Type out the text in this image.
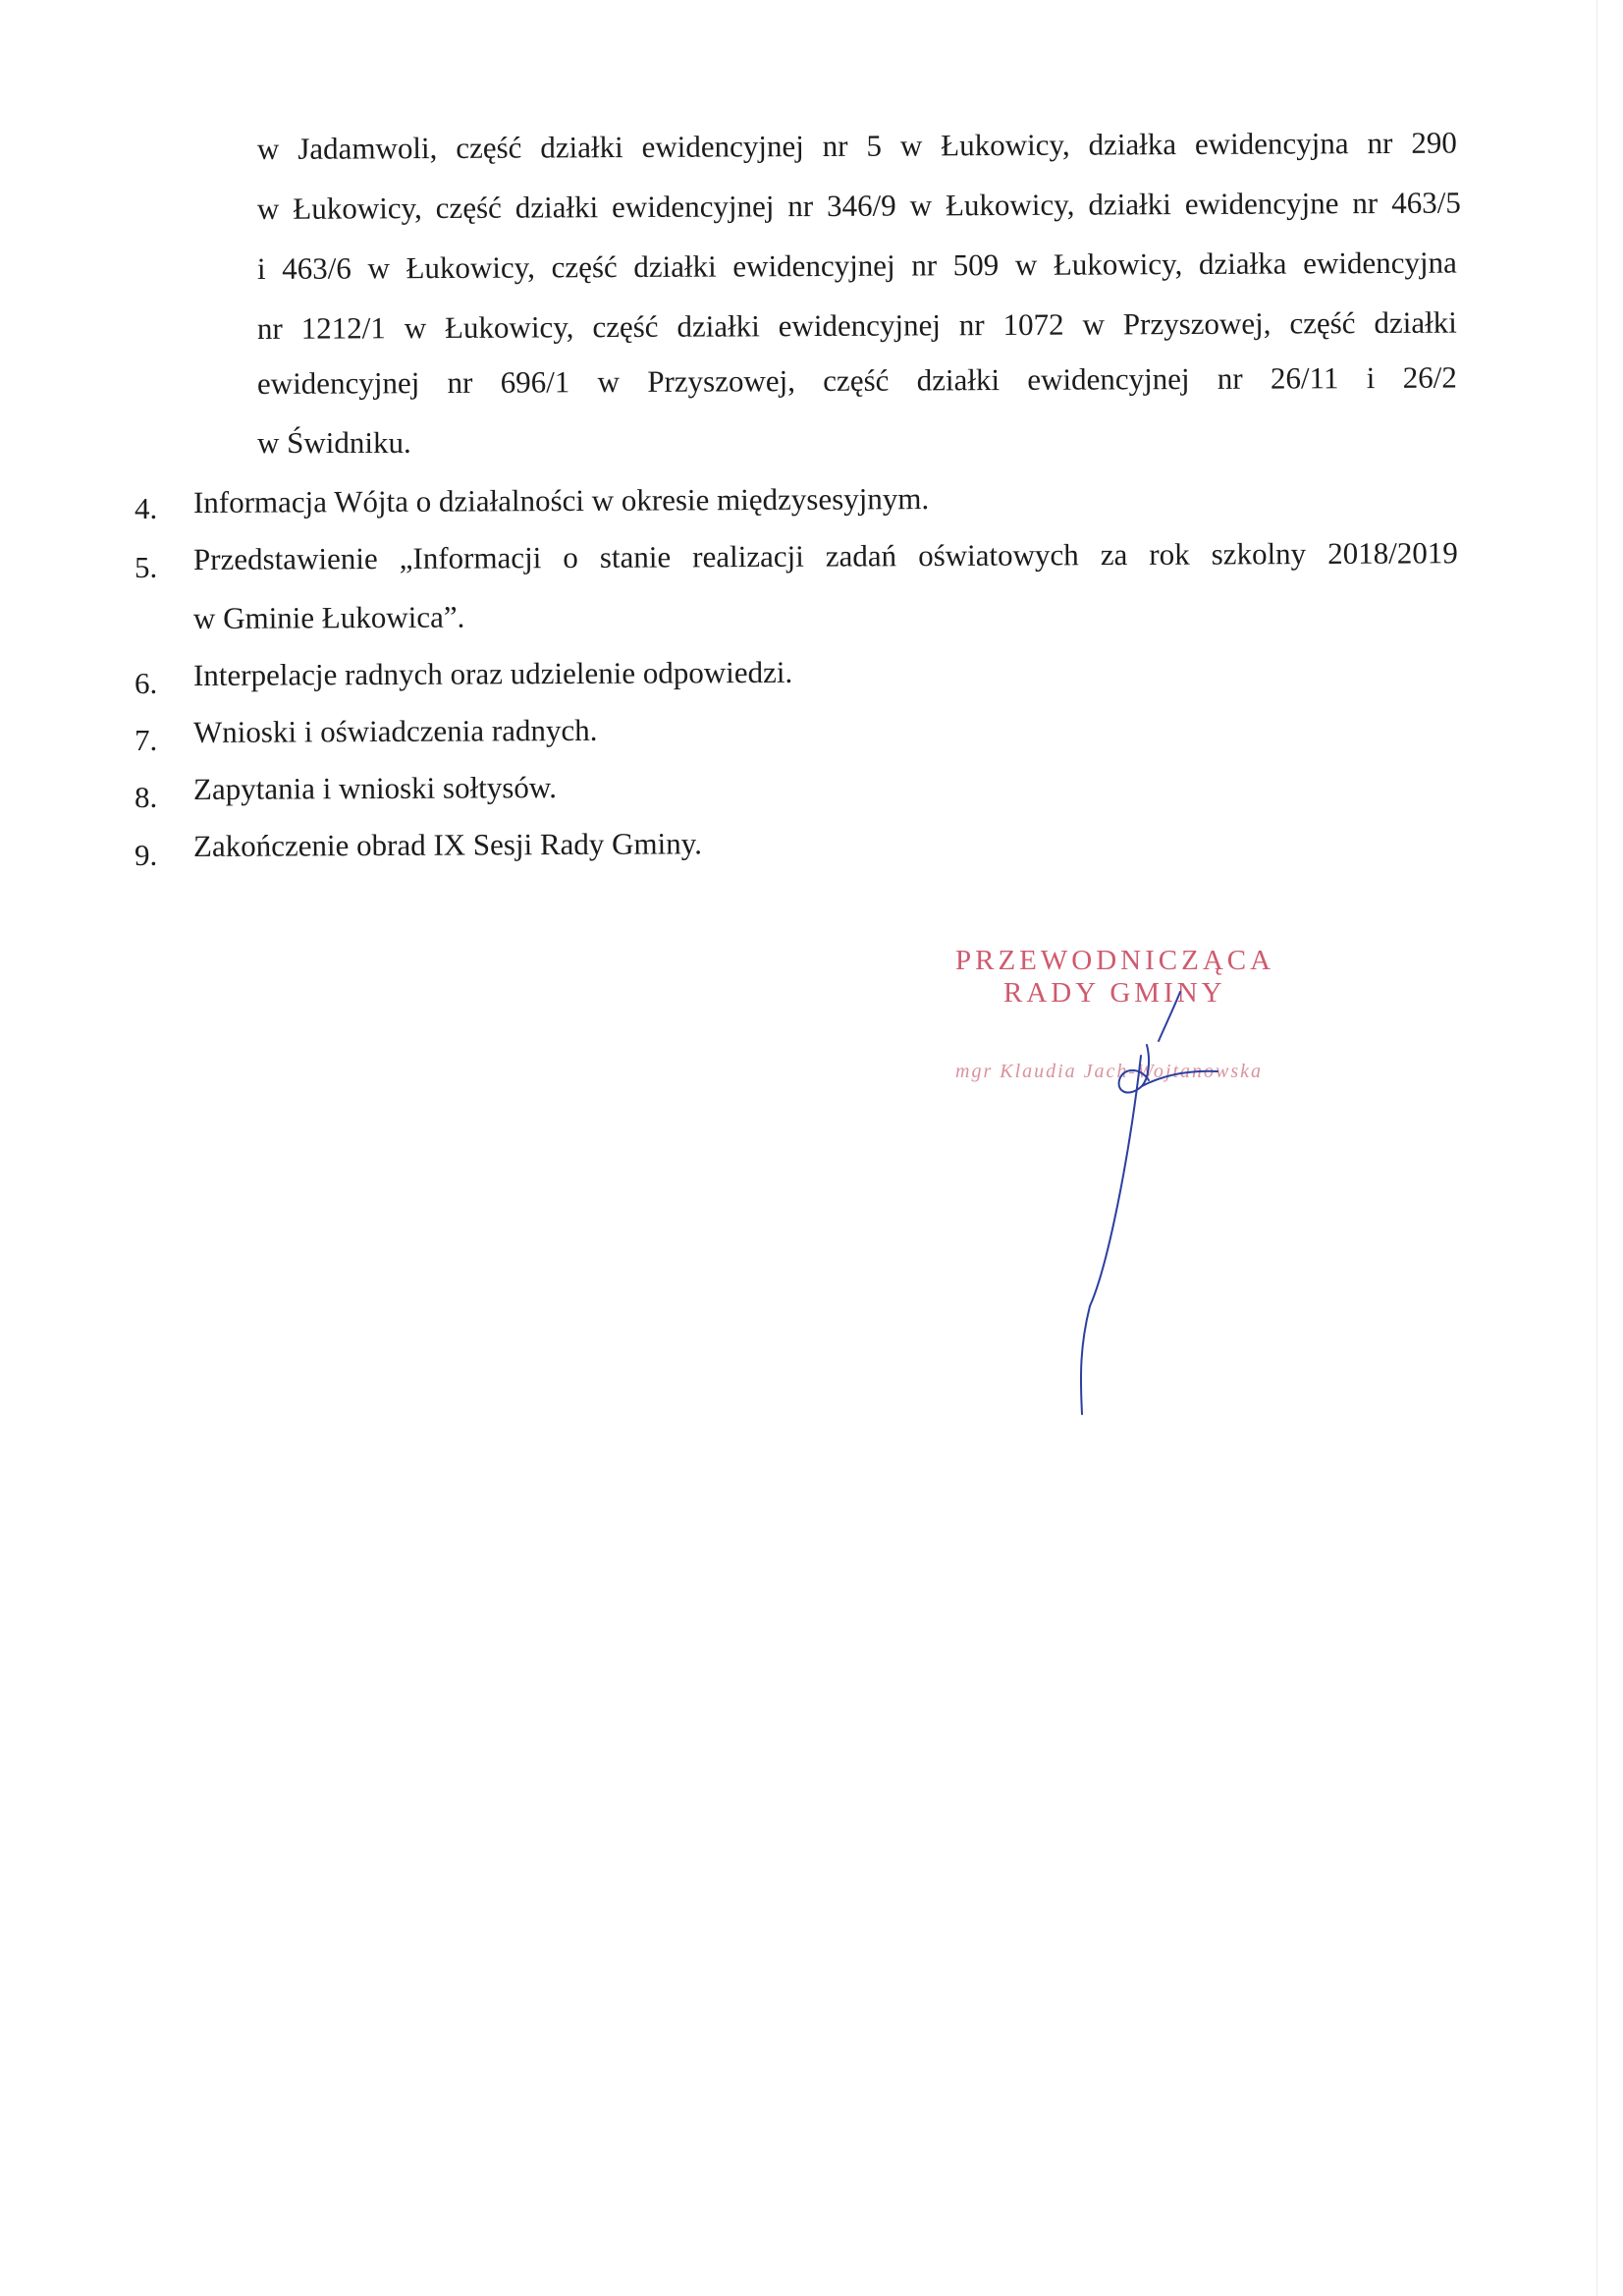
w Jadamwoli, część działki ewidencyjnej nr 5 w Łukowicy, działka ewidencyjna nr 290
w Łukowicy, część działki ewidencyjnej nr 346/9 w Łukowicy, działki ewidencyjne nr 463/5
i 463/6 w Łukowicy, część działki ewidencyjnej nr 509 w Łukowicy, działka ewidencyjna
nr 1212/1 w Łukowicy, część działki ewidencyjnej nr 1072 w Przyszowej, część działki
ewidencyjnej nr 696/1 w Przyszowej, część działki ewidencyjnej nr 26/11 i 26/2
w Świdniku.
4. Informacja Wójta o działalności w okresie międzysesyjnym.
5. Przedstawienie „Informacji o stanie realizacji zadań oświatowych za rok szkolny 2018/2019
w Gminie Łukowica”.
6. Interpelacje radnych oraz udzielenie odpowiedzi.
7. Wnioski i oświadczenia radnych.
8. Zapytania i wnioski sołtysów.
9. Zakończenie obrad IX Sesji Rady Gminy.
PRZEWODNICZĄCA
RADY GMINY
mgr Klaudia Jach-Wojtanowska
